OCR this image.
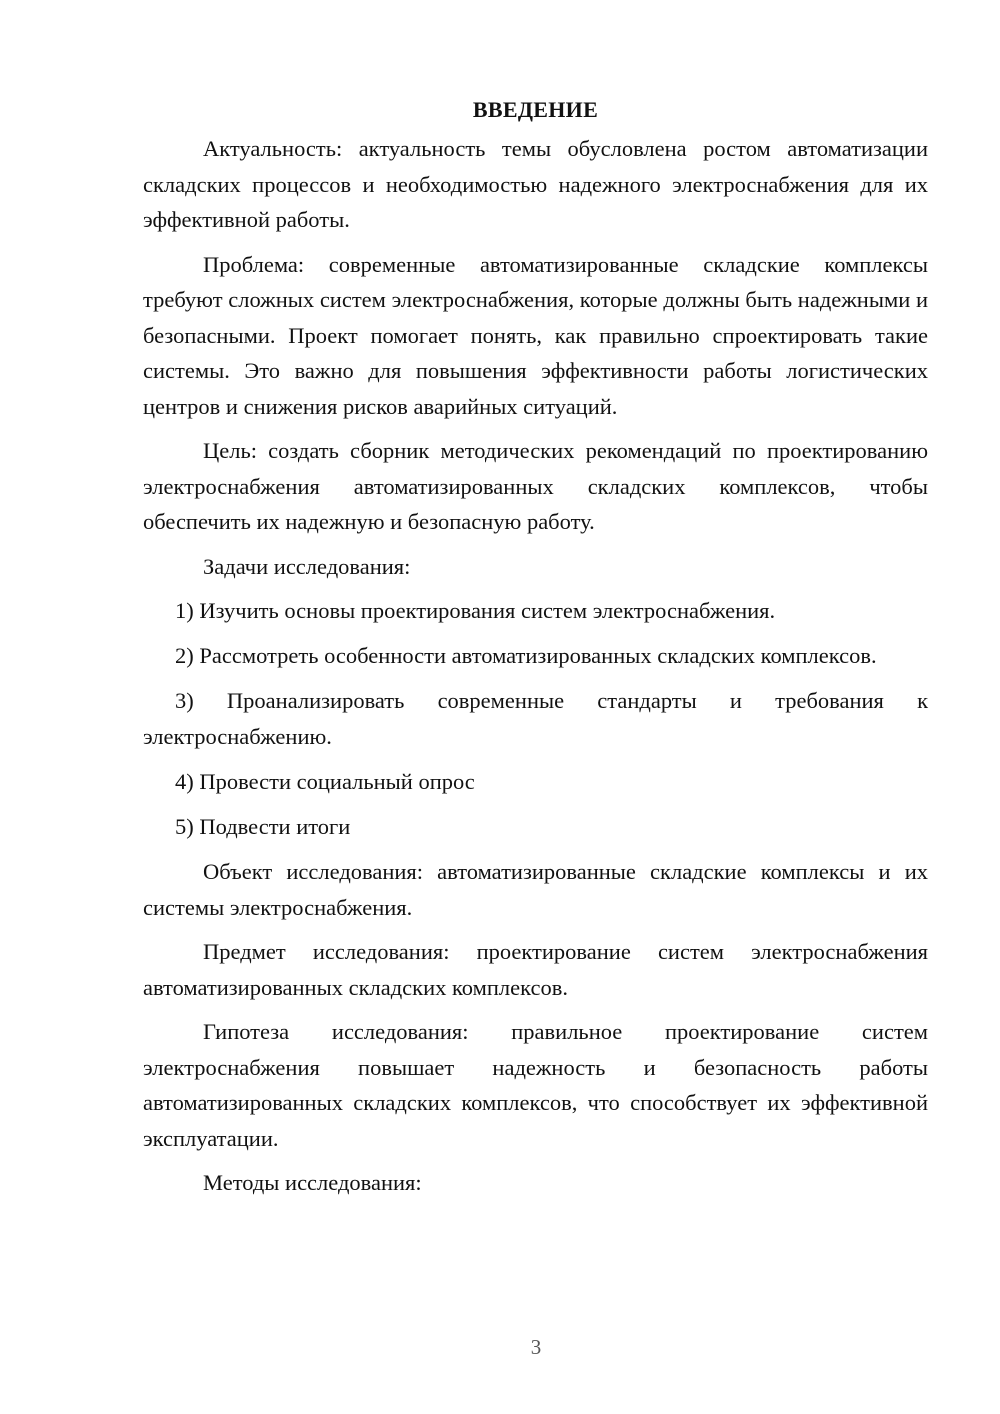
ВВЕДЕНИЕ

Актуальность: актуальность темы обусловлена ростом автоматизации складских процессов и необходимостью надежного электроснабжения для их эффективной работы.

Проблема: современные автоматизированные складские комплексы требуют сложных систем электроснабжения, которые должны быть надежными и безопасными. Проект помогает понять, как правильно спроектировать такие системы. Это важно для повышения эффективности работы логистических центров и снижения рисков аварийных ситуаций.

Цель: создать сборник методических рекомендаций по проектированию электроснабжения автоматизированных складских комплексов, чтобы обеспечить их надежную и безопасную работу.

Задачи исследования:

1) Изучить основы проектирования систем электроснабжения.

2) Рассмотреть особенности автоматизированных складских комплексов.

3) Проанализировать современные стандарты и требования к электроснабжению.

4) Провести социальный опрос

5) Подвести итоги

Объект исследования: автоматизированные складские комплексы и их системы электроснабжения.

Предмет исследования: проектирование систем электроснабжения автоматизированных складских комплексов.

Гипотеза исследования: правильное проектирование систем электроснабжения повышает надежность и безопасность работы автоматизированных складских комплексов, что способствует их эффективной эксплуатации.

Методы исследования:

3
